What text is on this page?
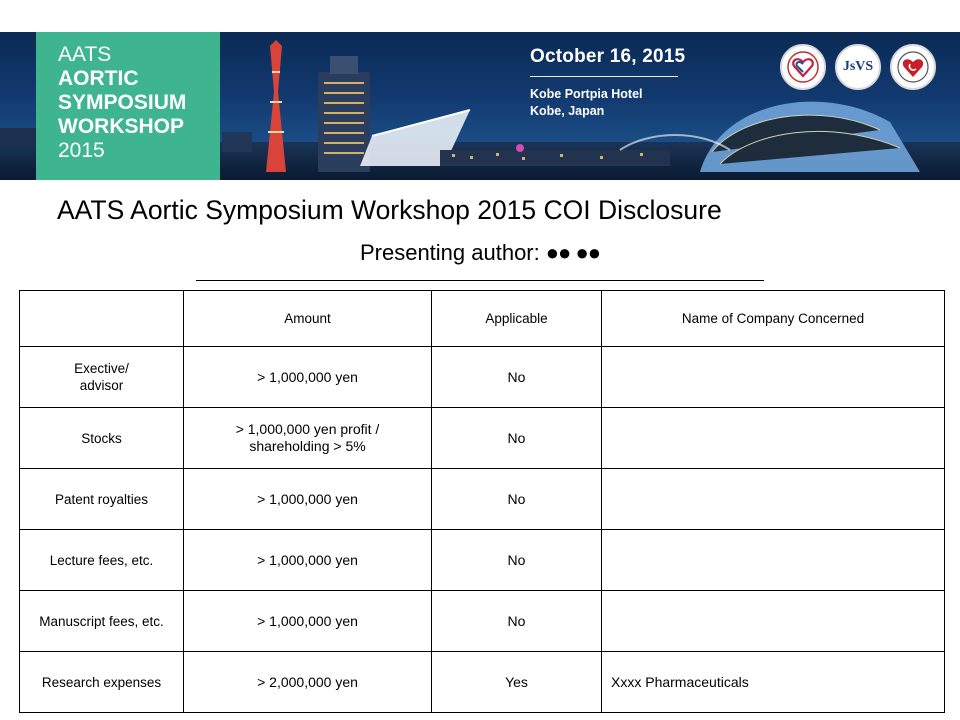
AATS
AORTIC
SYMPOSIUM
WORKSHOP
2015
October 16, 2015
Kobe Portpia Hotel
Kobe, Japan
JsVS
AATS Aortic Symposium Workshop 2015 COI Disclosure
Presenting author: ●● ●●
	Amount	Applicable	Name of Company Concerned
Exective/ advisor	> 1,000,000 yen	No	
Stocks	> 1,000,000 yen profit / shareholding > 5%	No	
Patent royalties	> 1,000,000 yen	No	
Lecture fees, etc.	> 1,000,000 yen	No	
Manuscript fees, etc.	> 1,000,000 yen	No	
Research expenses	> 2,000,000 yen	Yes	Xxxx Pharmaceuticals
